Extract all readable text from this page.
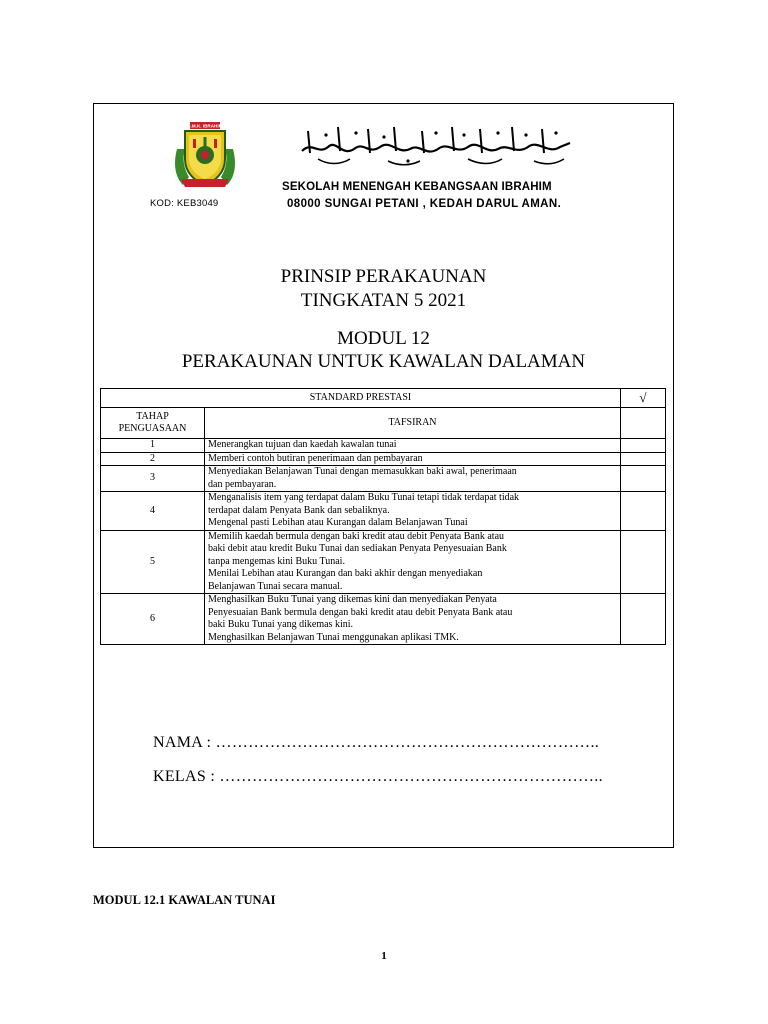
S.M.K. IBRAHIM
سكوله منڠه كبڠسأن ابراهيم
SEKOLAH MENENGAH KEBANGSAAN IBRAHIM
KOD: KEB3049	08000 SUNGAI PETANI , KEDAH DARUL AMAN.
PRINSIP PERAKAUNAN
TINGKATAN 5 2021
MODUL 12
PERAKAUNAN UNTUK KAWALAN DALAMAN
STANDARD PRESTASI		√
TAHAP PENGUASAAN	TAFSIRAN	
1	Menerangkan tujuan dan kaedah kawalan tunai	

2	Memberi contoh butiran penerimaan dan pembayaran	

3	Menyediakan Belanjawan Tunai dengan memasukkan baki awal, penerimaan
dan pembayaran.	

4	Menganalisis item yang terdapat dalam Buku Tunai tetapi tidak terdapat tidak
terdapat dalam Penyata Bank dan sebaliknya.
Mengenal pasti Lebihan atau Kurangan dalam Belanjawan Tunai	

5	Memilih kaedah bermula dengan baki kredit atau debit Penyata Bank atau
baki debit atau kredit Buku Tunai dan sediakan Penyata Penyesuaian Bank
tanpa mengemas kini Buku Tunai.
Menilai Lebihan atau Kurangan dan baki akhir dengan menyediakan
Belanjawan Tunai secara manual.	

6	Menghasilkan Buku Tunai yang dikemas kini dan menyediakan Penyata
Penyesuaian Bank bermula dengan baki kredit atau debit Penyata Bank atau
baki Buku Tunai yang dikemas kini.
Menghasilkan Belanjawan Tunai menggunakan aplikasi TMK.	

NAMA : ……………………………………………………………..
KELAS : ……………………………………………………………..
MODUL 12.1 KAWALAN TUNAI
1
